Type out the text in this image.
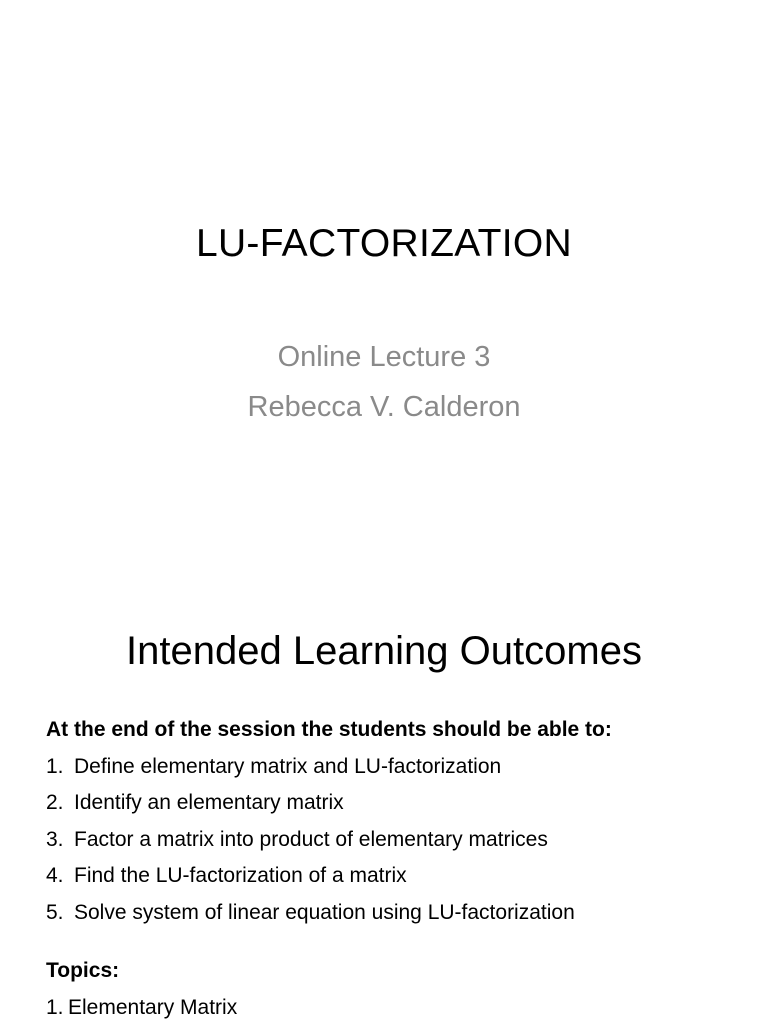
LU-FACTORIZATION
Online Lecture 3
Rebecca V. Calderon
Intended Learning Outcomes
At the end of the session the students should be able to:
1. Define elementary matrix and LU-factorization
2. Identify an elementary matrix
3. Factor a matrix into product of elementary matrices
4. Find the LU-factorization of a matrix
5. Solve system of linear equation using LU-factorization
Topics:
1. Elementary Matrix
